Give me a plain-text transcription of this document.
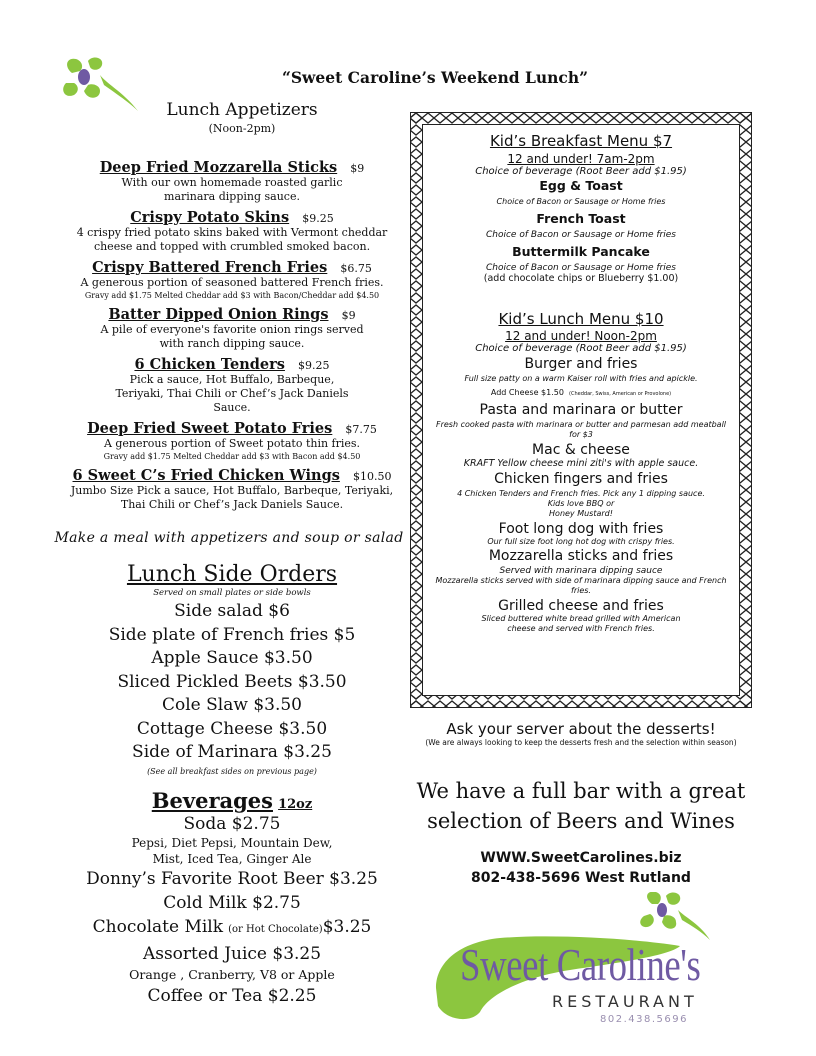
“Sweet Caroline’s Weekend Lunch”
Lunch Appetizers
(Noon-2pm)
Deep Fried Mozzarella Sticks $9
With our own homemade roasted garlic marinara dipping sauce.
Crispy Potato Skins $9.25
4 crispy fried potato skins baked with Vermont cheddar cheese and topped with crumbled smoked bacon.
Crispy Battered French Fries $6.75
A generous portion of seasoned battered French fries.
Gravy add $1.75 Melted Cheddar add $3 with Bacon/Cheddar add $4.50
Batter Dipped Onion Rings $9
A pile of everyone's favorite onion rings served with ranch dipping sauce.
6 Chicken Tenders $9.25
Pick a sauce, Hot Buffalo, Barbeque, Teriyaki, Thai Chili or Chef’s Jack Daniels Sauce.
Deep Fried Sweet Potato Fries $7.75
A generous portion of Sweet potato thin fries.
Gravy add $1.75 Melted Cheddar add $3 with Bacon add $4.50
6 Sweet C’s Fried Chicken Wings $10.50
Jumbo Size Pick a sauce, Hot Buffalo, Barbeque, Teriyaki, Thai Chili or Chef’s Jack Daniels Sauce.
Make a meal with appetizers and soup or salad
Lunch Side Orders
Served on small plates or side bowls
Side salad $6
Side plate of French fries $5
Apple Sauce $3.50
Sliced Pickled Beets $3.50
Cole Slaw $3.50
Cottage Cheese $3.50
Side of Marinara $3.25
(See all breakfast sides on previous page)
Beverages 12oz
Soda $2.75
Pepsi, Diet Pepsi, Mountain Dew, Mist, Iced Tea, Ginger Ale
Donny’s Favorite Root Beer $3.25
Cold Milk $2.75
Chocolate Milk (or Hot Chocolate)$3.25
Assorted Juice $3.25
Orange , Cranberry, V8 or Apple
Coffee or Tea $2.25
Kid’s Breakfast Menu $7
12 and under! 7am-2pm
Choice of beverage (Root Beer add $1.95)
Egg & Toast
Choice of Bacon or Sausage or Home fries
French Toast
Choice of Bacon or Sausage or Home fries
Buttermilk Pancake
Choice of Bacon or Sausage or Home fries
(add chocolate chips or Blueberry $1.00)
Kid’s Lunch Menu $10
12 and under! Noon-2pm
Choice of beverage (Root Beer add $1.95)
Burger and fries
Full size patty on a warm Kaiser roll with fries and apickle.
Add Cheese $1.50 (Cheddar, Swiss, American or Provolone)
Pasta and marinara or butter
Fresh cooked pasta with marinara or butter and parmesan add meatball for $3
Mac & cheese
KRAFT Yellow cheese mini ziti's with apple sauce.
Chicken fingers and fries
4 Chicken Tenders and French fries. Pick any 1 dipping sauce. Kids love BBQ or
Honey Mustard!
Foot long dog with fries
Our full size foot long hot dog with crispy fries.
Mozzarella sticks and fries
Served with marinara dipping sauce
Mozzarella sticks served with side of marinara dipping sauce and French fries.
Grilled cheese and fries
Sliced buttered white bread grilled with American cheese and served with French fries.
Ask your server about the desserts!
(We are always looking to keep the desserts fresh and the selection within season)
We have a full bar with a great
selection of Beers and Wines
WWW.SweetCarolines.biz
802-438-5696 West Rutland
Sweet Caroline's
RESTAURANT
802.438.5696
